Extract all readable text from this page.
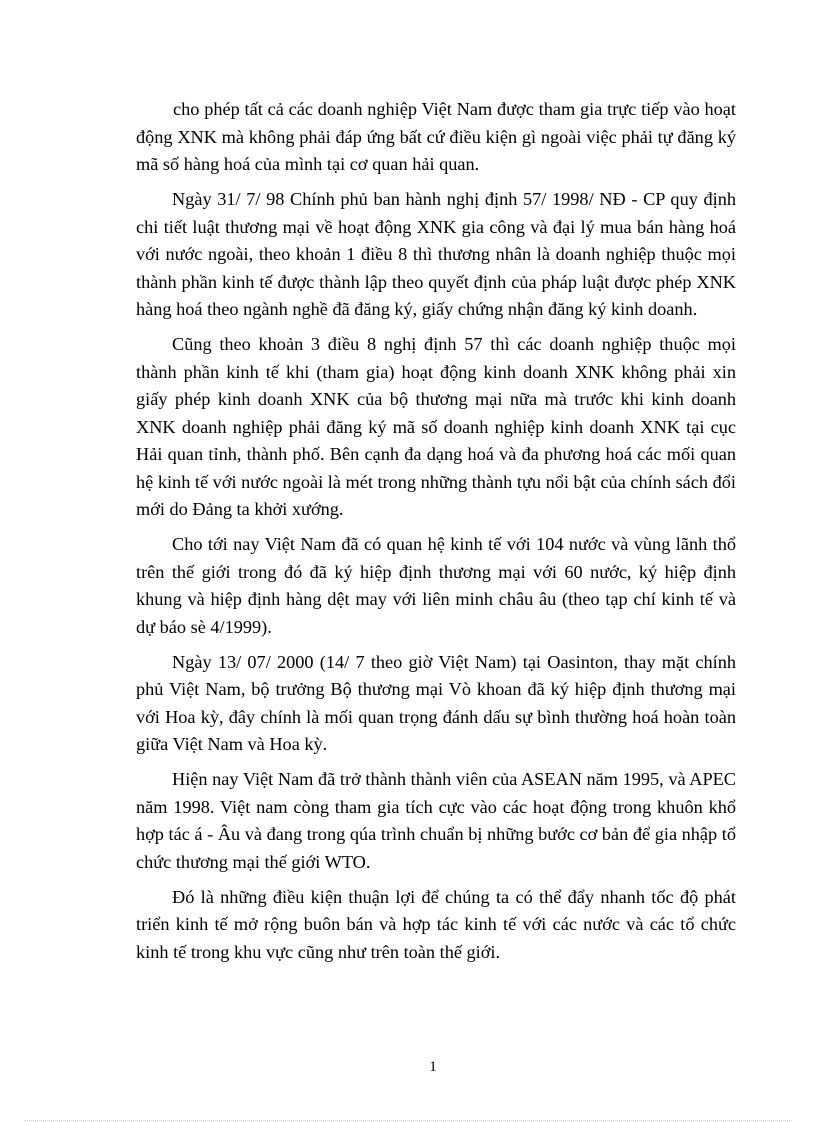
cho phép tất cả các doanh nghiệp Việt Nam được tham gia trực tiếp vào hoạt động XNK mà không phải đáp ứng bất cứ điều kiện gì ngoài việc phải tự đăng ký mã số hàng hoá của mình tại cơ quan hải quan.

Ngày 31/ 7/ 98 Chính phủ ban hành nghị định 57/ 1998/ NĐ - CP quy định chi tiết luật thương mại về hoạt động XNK gia công và đại lý mua bán hàng hoá với nước ngoài, theo khoản 1 điều 8 thì thương nhân là doanh nghiệp thuộc mọi thành phần kinh tế được thành lập theo quyết định của pháp luật được phép XNK hàng hoá theo ngành nghề đã đăng ký, giấy chứng nhận đăng ký kinh doanh.

Cũng theo khoản 3 điều 8 nghị định 57 thì các doanh nghiệp thuộc mọi thành phần kinh tế khi (tham gia) hoạt động kinh doanh XNK không phải xin giấy phép kinh doanh XNK của bộ thương mại nữa mà trước khi kinh doanh XNK doanh nghiệp phải đăng ký mã số doanh nghiệp kinh doanh XNK tại cục Hải quan tỉnh, thành phố. Bên cạnh đa dạng hoá và đa phương hoá các mối quan hệ kinh tế với nước ngoài là mét trong những thành tựu nổi bật của chính sách đổi mới do Đảng ta khởi xướng.

Cho tới nay Việt Nam đã có quan hệ kinh tế với 104 nước và vùng lãnh thổ trên thế giới trong đó đã ký hiệp định thương mại với 60 nước, ký hiệp định khung và hiệp định hàng dệt may với liên minh châu âu (theo tạp chí kinh tế và dự báo sè 4/1999).

Ngày 13/ 07/ 2000 (14/ 7 theo giờ Việt Nam) tại Oasinton, thay mặt chính phủ Việt Nam, bộ trưởng Bộ thương mại Vò khoan đã ký hiệp định thương mại với Hoa kỳ, đây chính là mối quan trọng đánh dấu sự bình thường hoá hoàn toàn giữa Việt Nam và Hoa kỳ.

Hiện nay Việt Nam đã trở thành thành viên của ASEAN năm 1995, và APEC năm 1998. Việt nam còng tham gia tích cực vào các hoạt động trong khuôn khổ hợp tác á - Âu và đang trong qúa trình chuẩn bị những bước cơ bản để gia nhập tổ chức thương mại thế giới WTO.

Đó là những điều kiện thuận lợi để chúng ta có thể đẩy nhanh tốc độ phát triển kinh tế mở rộng buôn bán và hợp tác kinh tế với các nước và các tổ chức kinh tế trong khu vực cũng như trên toàn thế giới.

1
